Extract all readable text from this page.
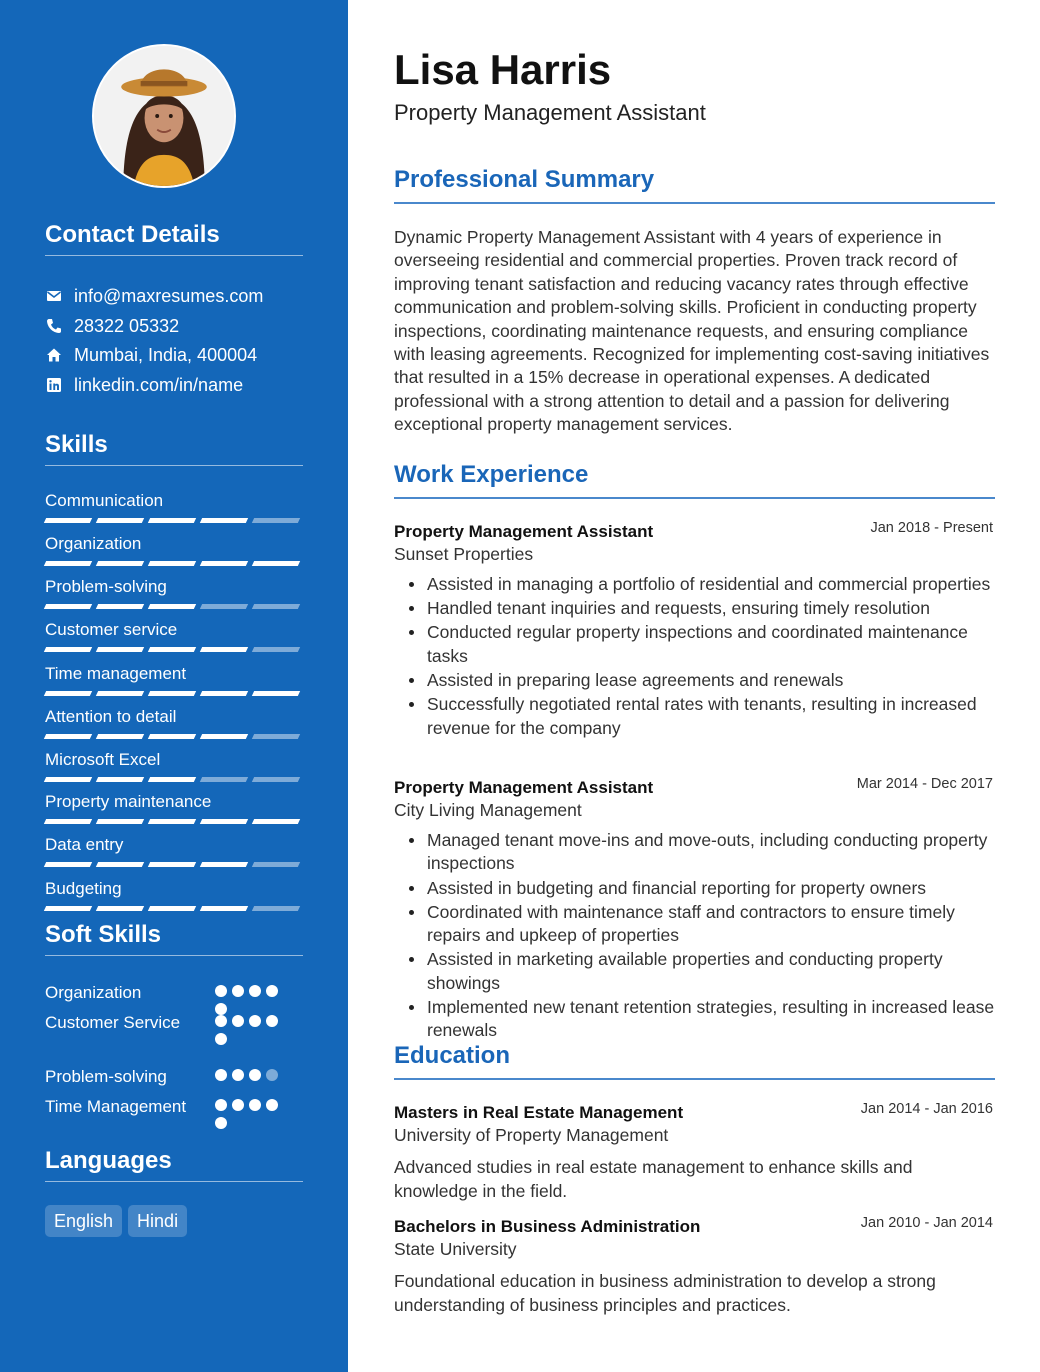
Contact Details
info@maxresumes.com
28322 05332
Mumbai, India, 400004
linkedin.com/in/name
Skills
Communication
Organization
Problem-solving
Customer service
Time management
Attention to detail
Microsoft Excel
Property maintenance
Data entry
Budgeting
Soft Skills
Organization
Customer Service
Problem-solving
Time Management
Languages
English	Hindi
Lisa Harris
Property Management Assistant
Professional Summary

Dynamic Property Management Assistant with 4 years of experience in overseeing residential and commercial properties. Proven track record of improving tenant satisfaction and reducing vacancy rates through effective communication and problem-solving skills. Proficient in conducting property inspections, coordinating maintenance requests, and ensuring compliance with leasing agreements. Recognized for implementing cost-saving initiatives that resulted in a 15% decrease in operational expenses. A dedicated professional with a strong attention to detail and a passion for delivering exceptional property management services.

Work Experience
Property Management Assistant	Jan 2018 - Present
Sunset Properties
Assisted in managing a portfolio of residential and commercial properties
Handled tenant inquiries and requests, ensuring timely resolution
Conducted regular property inspections and coordinated maintenance tasks
Assisted in preparing lease agreements and renewals
Successfully negotiated rental rates with tenants, resulting in increased revenue for the company
Property Management Assistant	Mar 2014 - Dec 2017
City Living Management
Managed tenant move-ins and move-outs, including conducting property inspections
Assisted in budgeting and financial reporting for property owners
Coordinated with maintenance staff and contractors to ensure timely repairs and upkeep of properties
Assisted in marketing available properties and conducting property showings
Implemented new tenant retention strategies, resulting in increased lease renewals
Education
Masters in Real Estate Management	Jan 2014 - Jan 2016
University of Property Management

Advanced studies in real estate management to enhance skills and knowledge in the field.

Bachelors in Business Administration	Jan 2010 - Jan 2014
State University

Foundational education in business administration to develop a strong understanding of business principles and practices.
